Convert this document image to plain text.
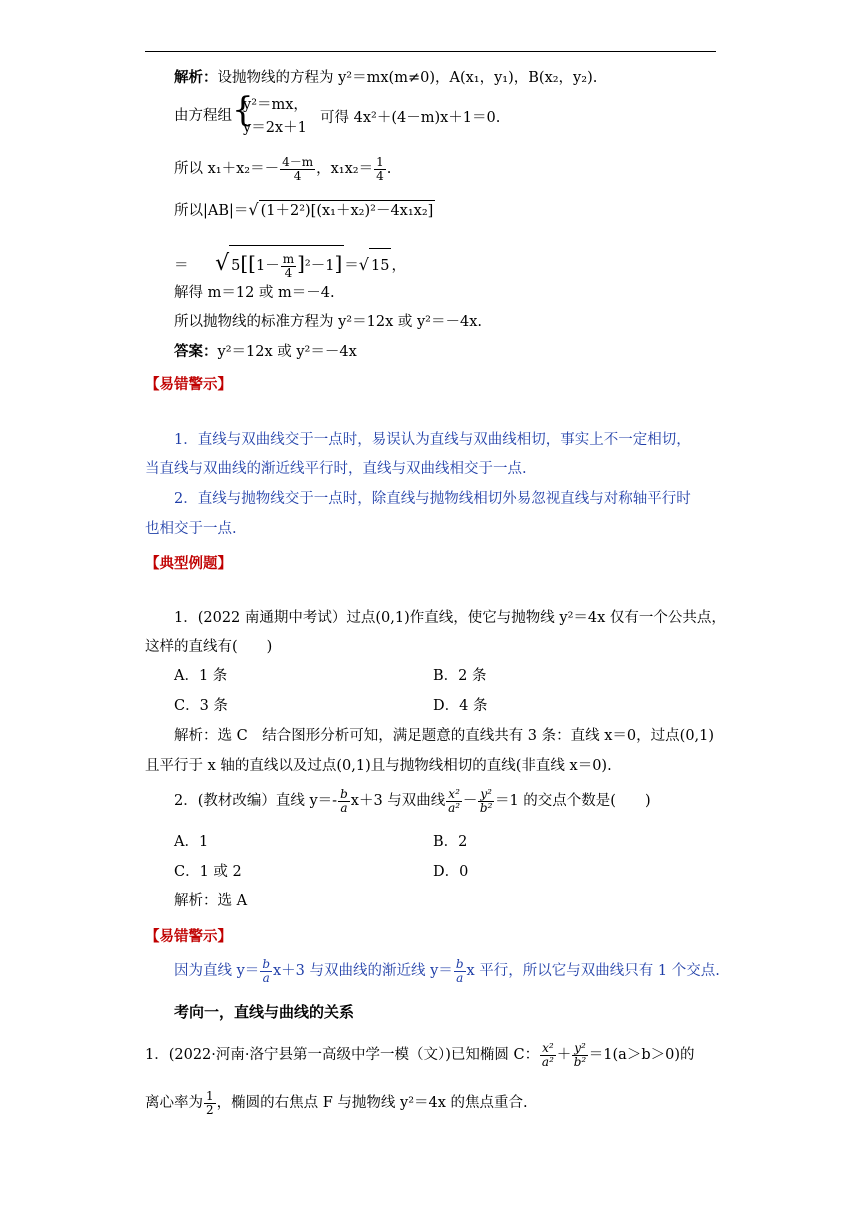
解析：设抛物线的方程为 y²＝mx(m≠0)，A(x₁，y₁)，B(x₂，y₂).
由方程组 {
y²＝mx，
y＝2x＋1
可得 4x²＋(4－m)x＋1＝0.
所以 $x_1+x_2=- \frac{4-m}{4}$ ，$x_1x_2= \frac{1}{4}$ .
所以|AB|＝√ (1＋2²)[(x₁＋x₂)²－4x₁x₂]
＝ √ $5[[1- \frac{m}{4} ]^2-1]$ ＝√ 15 ，
解得 m＝12 或 m＝－4.
所以抛物线的标准方程为 y²＝12x 或 y²＝－4x.
答案：y²＝12x 或 y²＝－4x
【易错警示】
1．直线与双曲线交于一点时，易误认为直线与双曲线相切，事实上不一定相切，
当直线与双曲线的渐近线平行时，直线与双曲线相交于一点.
2．直线与抛物线交于一点时，除直线与抛物线相切外易忽视直线与对称轴平行时
也相交于一点.
【典型例题】
1．(2022 南通期中考试）过点(0,1)作直线，使它与抛物线 y²＝4x 仅有一个公共点，
这样的直线有(　　)
A．1 条	B．2 条
C．3 条	D．4 条
解析：选 C　结合图形分析可知，满足题意的直线共有 3 条：直线 x＝0，过点(0,1)
且平行于 x 轴的直线以及过点(0,1)且与抛物线相切的直线(非直线 x＝0).
2．(教材改编）直线 $y=- \frac{b}{a} x+3$ 与双曲线 $\frac{\text{x²}}{\text{a²}} - \frac{\text{y²}}{\text{b²}} =1$ 的交点个数是(　　)
A．1	B．2
C．1 或 2	D．0
解析：选 A
【易错警示】
因为直线 $y= \frac{b}{a} x+3$ 与双曲线的渐近线 $y= \frac{b}{a}$ x 平行，所以它与双曲线只有 1 个交点.
考向一，直线与曲线的关系
1．(2022·河南·洛宁县第一高级中学一模（文）)已知椭圆 C： $\frac{\text{x²}}{\text{a²}} + \frac{\text{y²}}{\text{b²}} =1(a>b>0)$的
离心率为 $\frac{1}{2}$ ，椭圆的右焦点 F 与抛物线 y²＝4x 的焦点重合.
